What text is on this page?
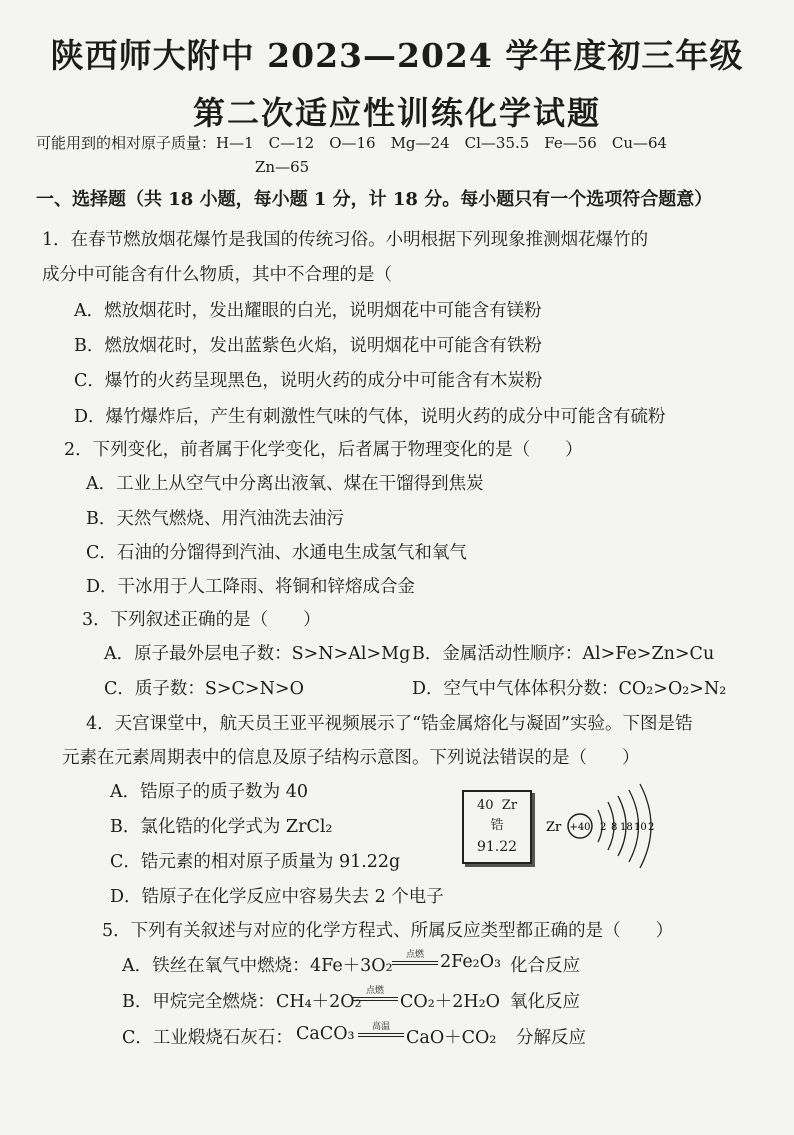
陕西师大附中 2023—2024 学年度初三年级
第二次适应性训练化学试题
可能用到的相对原子质量：H—1　C—12　O—16　Mg—24　Cl—35.5　Fe—56　Cu—64
Zn—65
一、选择题（共 18 小题，每小题 1 分，计 18 分。每小题只有一个选项符合题意）
1．在春节燃放烟花爆竹是我国的传统习俗。小明根据下列现象推测烟花爆竹的
成分中可能含有什么物质，其中不合理的是（
A．燃放烟花时，发出耀眼的白光，说明烟花中可能含有镁粉
B．燃放烟花时，发出蓝紫色火焰，说明烟花中可能含有铁粉
C．爆竹的火药呈现黑色，说明火药的成分中可能含有木炭粉
D．爆竹爆炸后，产生有刺激性气味的气体，说明火药的成分中可能含有硫粉
2．下列变化，前者属于化学变化，后者属于物理变化的是（　　）
A．工业上从空气中分离出液氧、煤在干馏得到焦炭
B．天然气燃烧、用汽油洗去油污
C．石油的分馏得到汽油、水通电生成氢气和氧气
D．干冰用于人工降雨、将铜和锌熔成合金
3．下列叙述正确的是（　　）
A．原子最外层电子数：S>N>Al>Mg B．金属活动性顺序：Al>Fe>Zn>Cu
C．质子数：S>C>N>O	D．空气中气体体积分数：CO₂>O₂>N₂
4．天宫课堂中，航天员王亚平视频展示了“锆金属熔化与凝固”实验。下图是锆
元素在元素周期表中的信息及原子结构示意图。下列说法错误的是（　　）
A．锆原子的质子数为 40
B．氯化锆的化学式为 ZrCl₂
C．锆元素的相对原子质量为 91.22g
D．锆原子在化学反应中容易失去 2 个电子
40 Zr
锆
91.22
Zr +40 2 8 18 10 2
5．下列有关叙述与对应的化学方程式、所属反应类型都正确的是（　　）
A．铁丝在氧气中燃烧： 4Fe＋3O₂
点燃 2Fe₂O₃ 化合反应
B．甲烷完全燃烧： CH₄＋2O₂
点燃
CO₂＋2H₂O 氧化反应
C．工业煅烧石灰石： CaCO₃	高温
CaO＋CO₂ 分解反应
